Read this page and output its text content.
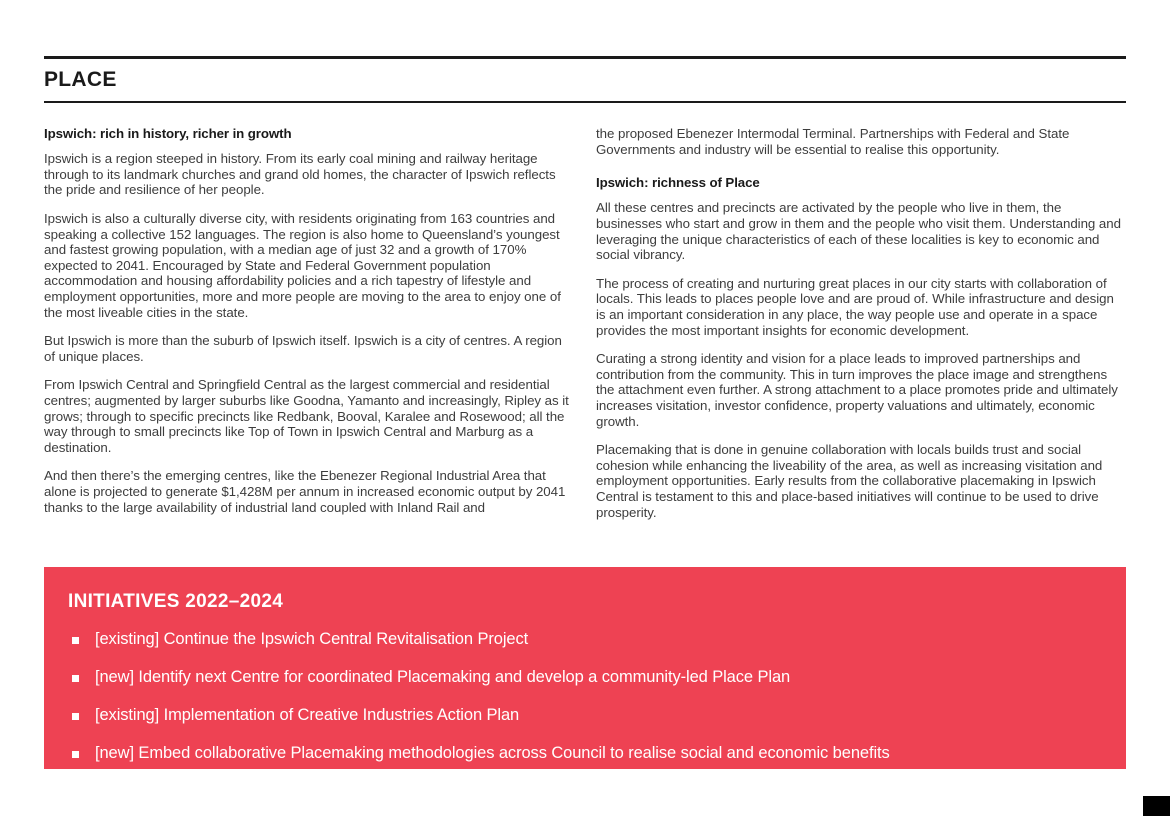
PLACE
Ipswich: rich in history, richer in growth

Ipswich is a region steeped in history. From its early coal mining and railway heritage through to its landmark churches and grand old homes, the character of Ipswich reflects the pride and resilience of her people.

Ipswich is also a culturally diverse city, with residents originating from 163 countries and speaking a collective 152 languages. The region is also home to Queensland’s youngest and fastest growing population, with a median age of just 32 and a growth of 170% expected to 2041. Encouraged by State and Federal Government population accommodation and housing affordability policies and a rich tapestry of lifestyle and employment opportunities, more and more people are moving to the area to enjoy one of the most liveable cities in the state.

But Ipswich is more than the suburb of Ipswich itself. Ipswich is a city of centres. A region of unique places.

From Ipswich Central and Springfield Central as the largest commercial and residential centres; augmented by larger suburbs like Goodna, Yamanto and increasingly, Ripley as it grows; through to specific precincts like Redbank, Booval, Karalee and Rosewood; all the way through to small precincts like Top of Town in Ipswich Central and Marburg as a destination.

And then there’s the emerging centres, like the Ebenezer Regional Industrial Area that alone is projected to generate $1,428M per annum in increased economic output by 2041 thanks to the large availability of industrial land coupled with Inland Rail and

the proposed Ebenezer Intermodal Terminal. Partnerships with Federal and State Governments and industry will be essential to realise this opportunity.

Ipswich: richness of Place

All these centres and precincts are activated by the people who live in them, the businesses who start and grow in them and the people who visit them. Understanding and leveraging the unique characteristics of each of these localities is key to economic and social vibrancy.

The process of creating and nurturing great places in our city starts with collaboration of locals. This leads to places people love and are proud of. While infrastructure and design is an important consideration in any place, the way people use and operate in a space provides the most important insights for economic development.

Curating a strong identity and vision for a place leads to improved partnerships and contribution from the community. This in turn improves the place image and strengthens the attachment even further. A strong attachment to a place promotes pride and ultimately increases visitation, investor confidence, property valuations and ultimately, economic growth.

Placemaking that is done in genuine collaboration with locals builds trust and social cohesion while enhancing the liveability of the area, as well as increasing visitation and employment opportunities. Early results from the collaborative placemaking in Ipswich Central is testament to this and place-based initiatives will continue to be used to drive prosperity.

INITIATIVES 2022–2024
[existing] Continue the Ipswich Central Revitalisation Project
[new] Identify next Centre for coordinated Placemaking and develop a community-led Place Plan
[existing] Implementation of Creative Industries Action Plan
[new] Embed collaborative Placemaking methodologies across Council to realise social and economic benefits
